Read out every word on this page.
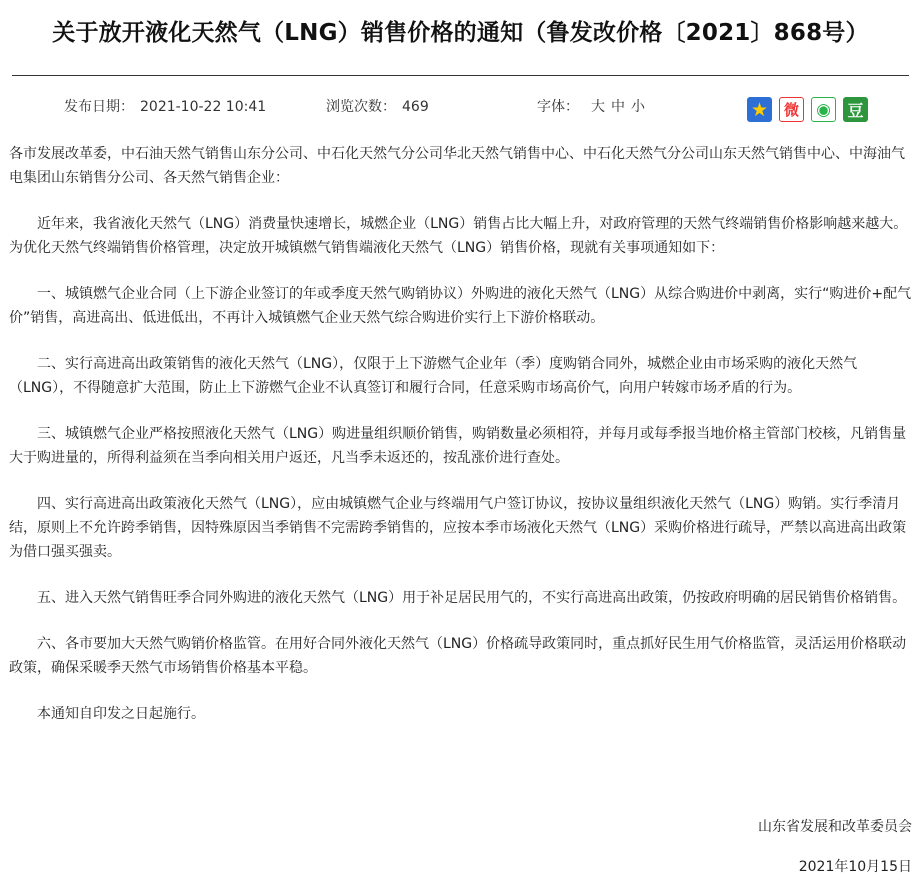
关于放开液化天然气（LNG）销售价格的通知（鲁发改价格〔2021〕868号）
发布日期： 2021-10-22 10:41	浏览次数： 469	字体： 大 中 小	★	微 ◉	豆

各市发展改革委，中石油天然气销售山东分公司、中石化天然气分公司华北天然气销售中心、中石化天然气分公司山东天然气销售中心、中海油气电集团山东销售分公司、各天然气销售企业：

近年来，我省液化天然气（LNG）消费量快速增长，城燃企业（LNG）销售占比大幅上升，对政府管理的天然气终端销售价格影响越来越大。为优化天然气终端销售价格管理，决定放开城镇燃气销售端液化天然气（LNG）销售价格，现就有关事项通知如下：

一、城镇燃气企业合同（上下游企业签订的年或季度天然气购销协议）外购进的液化天然气（LNG）从综合购进价中剥离，实行“购进价+配气价”销售，高进高出、低进低出，不再计入城镇燃气企业天然气综合购进价实行上下游价格联动。

二、实行高进高出政策销售的液化天然气（LNG），仅限于上下游燃气企业年（季）度购销合同外，城燃企业由市场采购的液化天然气（LNG），不得随意扩大范围，防止上下游燃气企业不认真签订和履行合同，任意采购市场高价气，向用户转嫁市场矛盾的行为。

三、城镇燃气企业严格按照液化天然气（LNG）购进量组织顺价销售，购销数量必须相符，并每月或每季报当地价格主管部门校核，凡销售量大于购进量的，所得利益须在当季向相关用户返还，凡当季未返还的，按乱涨价进行查处。

四、实行高进高出政策液化天然气（LNG），应由城镇燃气企业与终端用气户签订协议，按协议量组织液化天然气（LNG）购销。实行季清月结，原则上不允许跨季销售，因特殊原因当季销售不完需跨季销售的，应按本季市场液化天然气（LNG）采购价格进行疏导，严禁以高进高出政策为借口强买强卖。

五、进入天然气销售旺季合同外购进的液化天然气（LNG）用于补足居民用气的，不实行高进高出政策，仍按政府明确的居民销售价格销售。

六、各市要加大天然气购销价格监管。在用好合同外液化天然气（LNG）价格疏导政策同时，重点抓好民生用气价格监管，灵活运用价格联动政策，确保采暖季天然气市场销售价格基本平稳。

本通知自印发之日起施行。

山东省发展和改革委员会
2021年10月15日
